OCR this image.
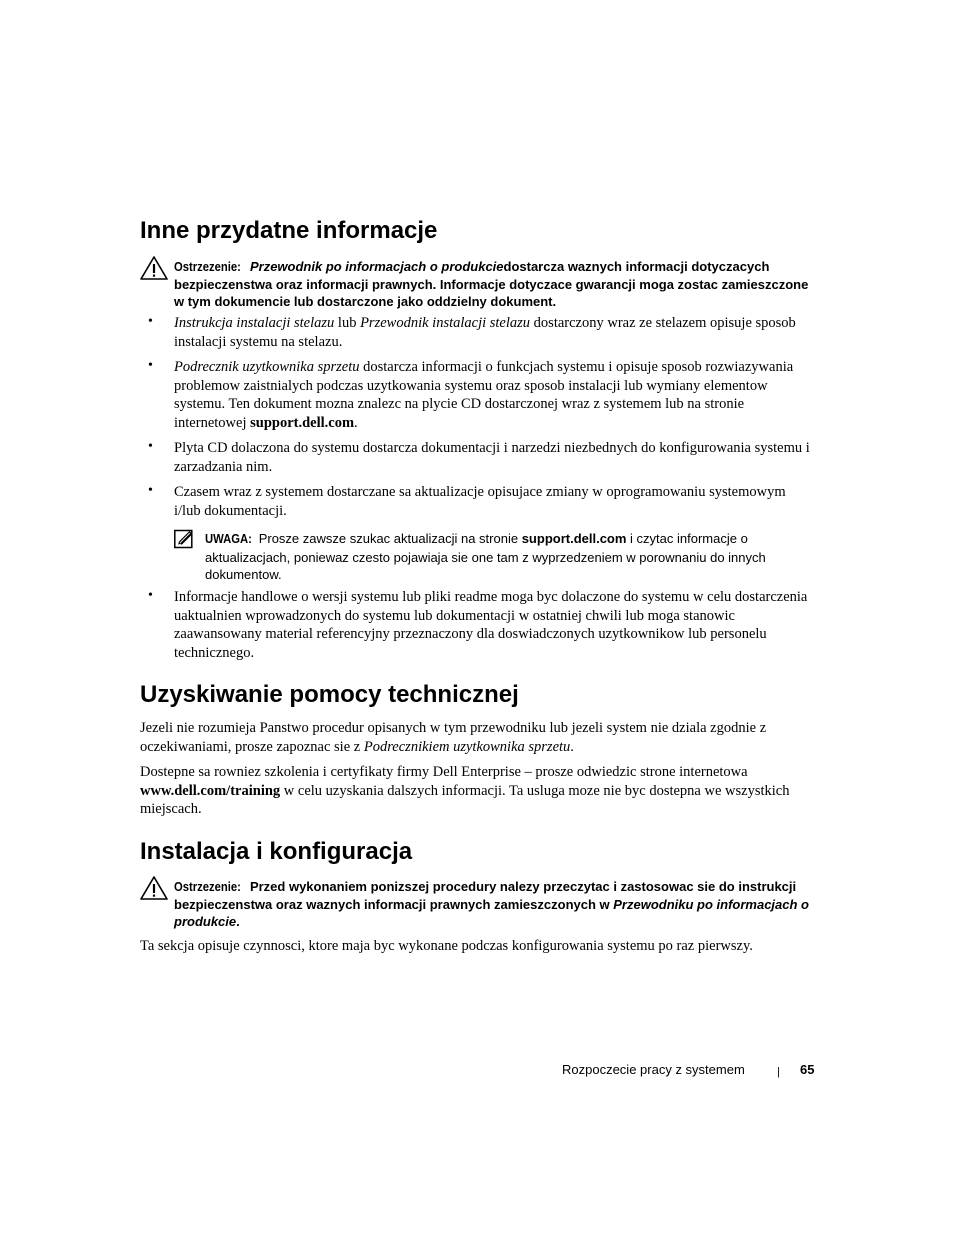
Inne przydatne informacje
Ostrzezenie: Przewodnik po informacjach o produkciedostarcza waznych informacji dotyczacych bezpieczenstwa oraz informacji prawnych. Informacje dotyczace gwarancji moga zostac zamieszczone w tym dokumencie lub dostarczone jako oddzielny dokument.
• Instrukcja instalacji stelazu lub Przewodnik instalacji stelazu dostarczony wraz ze stelazem opisuje sposob instalacji systemu na stelazu.
• Podrecznik uzytkownika sprzetu dostarcza informacji o funkcjach systemu i opisuje sposob rozwiazywania problemow zaistnialych podczas uzytkowania systemu oraz sposob instalacji lub wymiany elementow systemu. Ten dokument mozna znalezc na plycie CD dostarczonej wraz z systemem lub na stronie internetowej support.dell.com.
• Plyta CD dolaczona do systemu dostarcza dokumentacji i narzedzi niezbednych do konfigurowania systemu i zarzadzania nim.
• Czasem wraz z systemem dostarczane sa aktualizacje opisujace zmiany w oprogramowaniu systemowym i/lub dokumentacji.
UWAGA: Prosze zawsze szukac aktualizacji na stronie support.dell.com i czytac informacje o aktualizacjach, poniewaz czesto pojawiaja sie one tam z wyprzedzeniem w porownaniu do innych dokumentow.
• Informacje handlowe o wersji systemu lub pliki readme moga byc dolaczone do systemu w celu dostarczenia uaktualnien wprowadzonych do systemu lub dokumentacji w ostatniej chwili lub moga stanowic zaawansowany material referencyjny przeznaczony dla doswiadczonych uzytkownikow lub personelu technicznego.
Uzyskiwanie pomocy technicznej
Jezeli nie rozumieja Panstwo procedur opisanych w tym przewodniku lub jezeli system nie dziala zgodnie z oczekiwaniami, prosze zapoznac sie z Podrecznikiem uzytkownika sprzetu.
Dostepne sa rowniez szkolenia i certyfikaty firmy Dell Enterprise – prosze odwiedzic strone internetowa www.dell.com/training w celu uzyskania dalszych informacji. Ta usluga moze nie byc dostepna we wszystkich miejscach.
Instalacja i konfiguracja
Ostrzezenie: Przed wykonaniem ponizszej procedury nalezy przeczytac i zastosowac sie do instrukcji bezpieczenstwa oraz waznych informacji prawnych zamieszczonych w Przewodniku po informacjach o produkcie.
Ta sekcja opisuje czynnosci, ktore maja byc wykonane podczas konfigurowania systemu po raz pierwszy.
Rozpoczecie pracy z systemem	| 65
